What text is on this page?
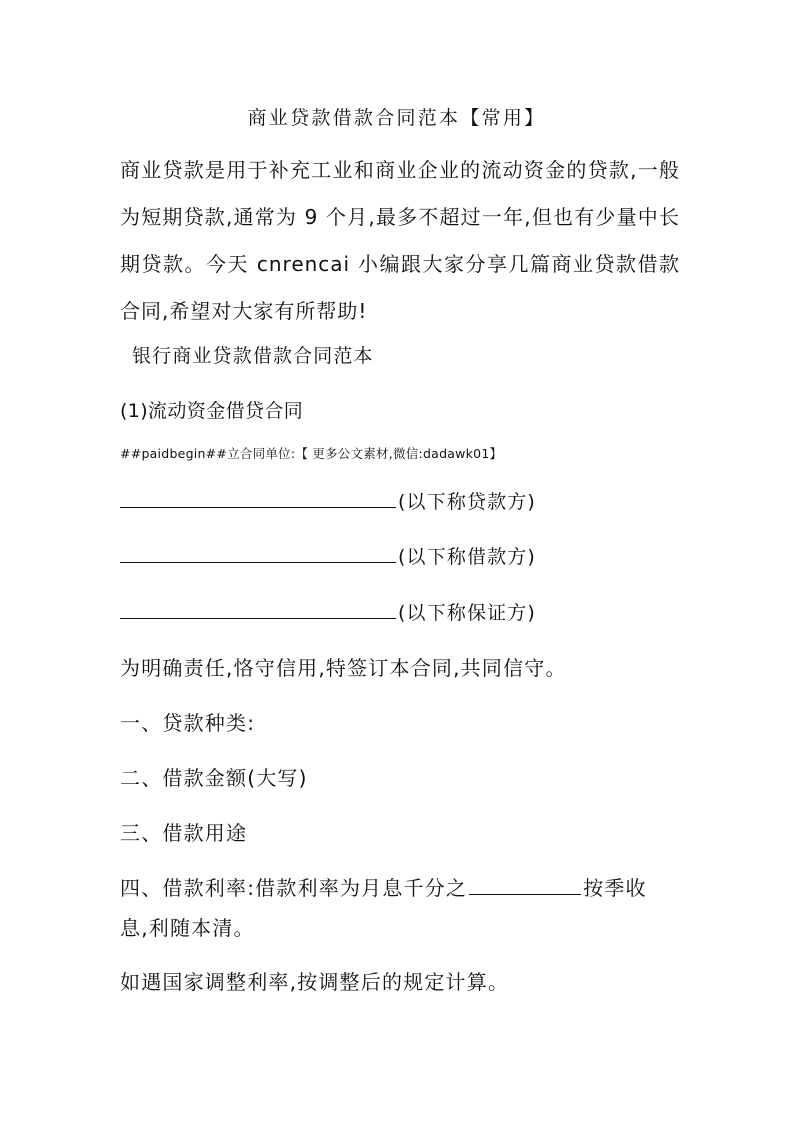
商业贷款借款合同范本【常用】

商业贷款是用于补充工业和商业企业的流动资金的贷款,一般为短期贷款,通常为 9 个月,最多不超过一年,但也有少量中长期贷款。今天 cnrencai 小编跟大家分享几篇商业贷款借款合同,希望对大家有所帮助!

银行商业贷款借款合同范本
(1)流动资金借贷合同
##paidbegin##立合同单位:【 更多公文素材,微信:dadawk01】
(以下称贷款方)
(以下称借款方)
(以下称保证方)
为明确责任,恪守信用,特签订本合同,共同信守。
一、贷款种类:
二、借款金额(大写)
三、借款用途
四、借款利率:借款利率为月息千分之	按季收
息,利随本清。
如遇国家调整利率,按调整后的规定计算。
